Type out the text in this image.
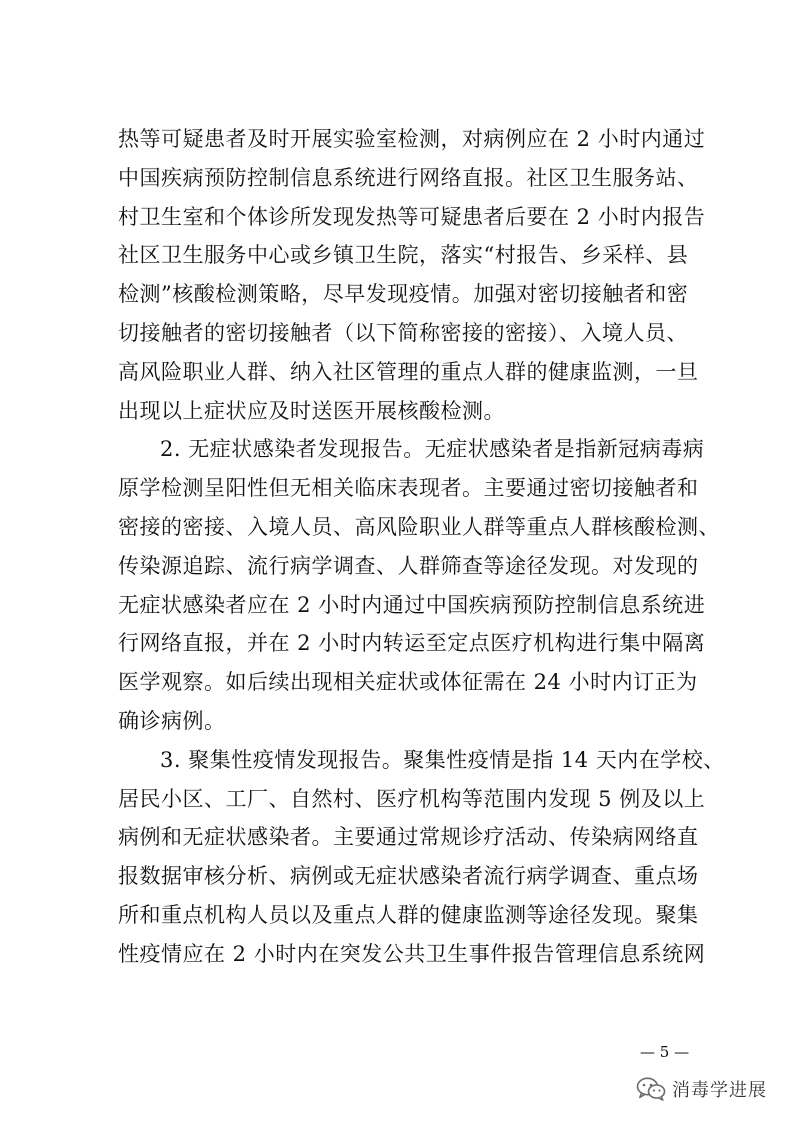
热等可疑患者及时开展实验室检测，对病例应在 2 小时内通过
中国疾病预防控制信息系统进行网络直报。社区卫生服务站、
村卫生室和个体诊所发现发热等可疑患者后要在 2 小时内报告
社区卫生服务中心或乡镇卫生院，落实“村报告、乡采样、县
检测”核酸检测策略，尽早发现疫情。加强对密切接触者和密
切接触者的密切接触者（以下简称密接的密接）、入境人员、
高风险职业人群、纳入社区管理的重点人群的健康监测，一旦
出现以上症状应及时送医开展核酸检测。
2. 无症状感染者发现报告。无症状感染者是指新冠病毒病
原学检测呈阳性但无相关临床表现者。主要通过密切接触者和
密接的密接、入境人员、高风险职业人群等重点人群核酸检测、
传染源追踪、流行病学调查、人群筛查等途径发现。对发现的
无症状感染者应在 2 小时内通过中国疾病预防控制信息系统进
行网络直报，并在 2 小时内转运至定点医疗机构进行集中隔离
医学观察。如后续出现相关症状或体征需在 24 小时内订正为
确诊病例。
3. 聚集性疫情发现报告。聚集性疫情是指 14 天内在学校、
居民小区、工厂、自然村、医疗机构等范围内发现 5 例及以上
病例和无症状感染者。主要通过常规诊疗活动、传染病网络直
报数据审核分析、病例或无症状感染者流行病学调查、重点场
所和重点机构人员以及重点人群的健康监测等途径发现。聚集
性疫情应在 2 小时内在突发公共卫生事件报告管理信息系统网
— 5 —
消毒学进展
